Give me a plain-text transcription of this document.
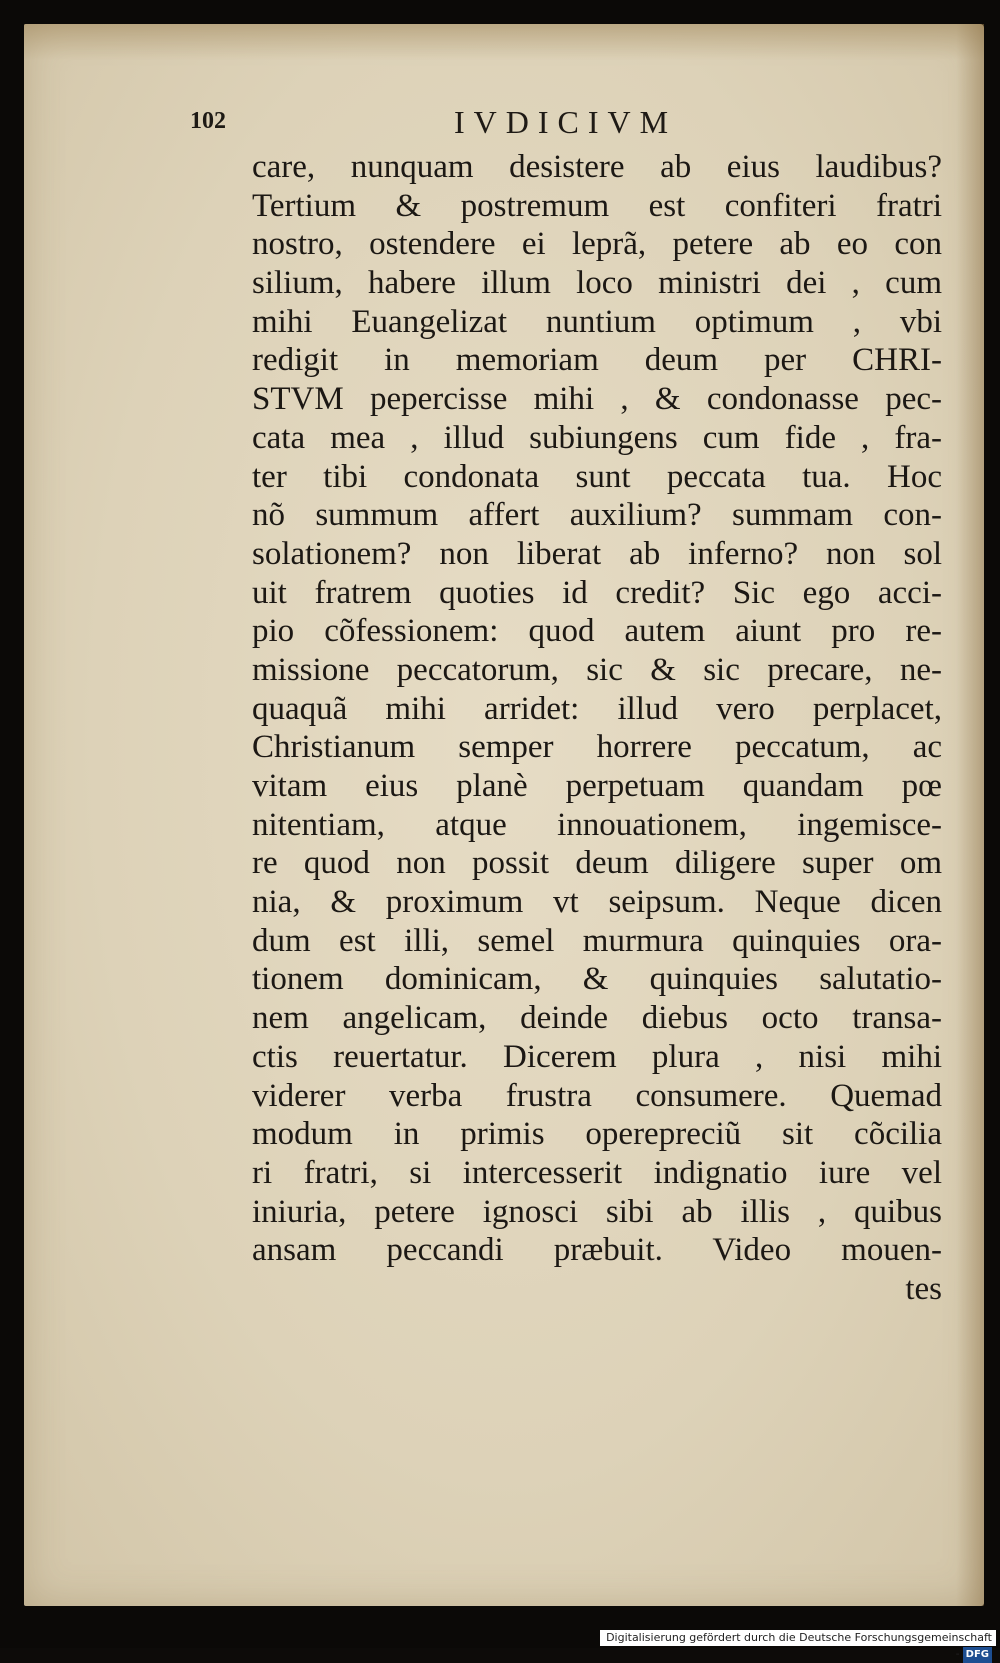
102	IVDICIVM
care, nunquam desistere ab eius laudibus?
Tertium & postremum est confiteri fratri
nostro, ostendere ei leprã, petere ab eo con
silium, habere illum loco ministri dei , cum
mihi Euangelizat nuntium optimum , vbi
redigit in memoriam deum per CHRI-
STVM pepercisse mihi , & condonasse pec-
cata mea , illud subiungens cum fide , fra-
ter tibi condonata sunt peccata tua. Hoc
nõ summum affert auxilium? summam con-
solationem? non liberat ab inferno? non sol
uit fratrem quoties id credit? Sic ego acci-
pio cõfessionem: quod autem aiunt pro re-
missione peccatorum, sic & sic precare, ne-
quaquã mihi arridet: illud vero perplacet,
Christianum semper horrere peccatum, ac
vitam eius planè perpetuam quandam pœ
nitentiam, atque innouationem, ingemisce-
re quod non possit deum diligere super om
nia, & proximum vt seipsum. Neque dicen
dum est illi, semel murmura quinquies ora-
tionem dominicam, & quinquies salutatio-
nem angelicam, deinde diebus octo transa-
ctis reuertatur. Dicerem plura , nisi mihi
viderer verba frustra consumere. Quemad
modum in primis operepreciũ sit cõcilia
ri fratri, si intercesserit indignatio iure vel
iniuria, petere ignosci sibi ab illis , quibus
ansam peccandi præbuit. Video mouen-
tes
Digitalisierung gefördert durch die Deutsche Forschungsgemeinschaft - DFG
